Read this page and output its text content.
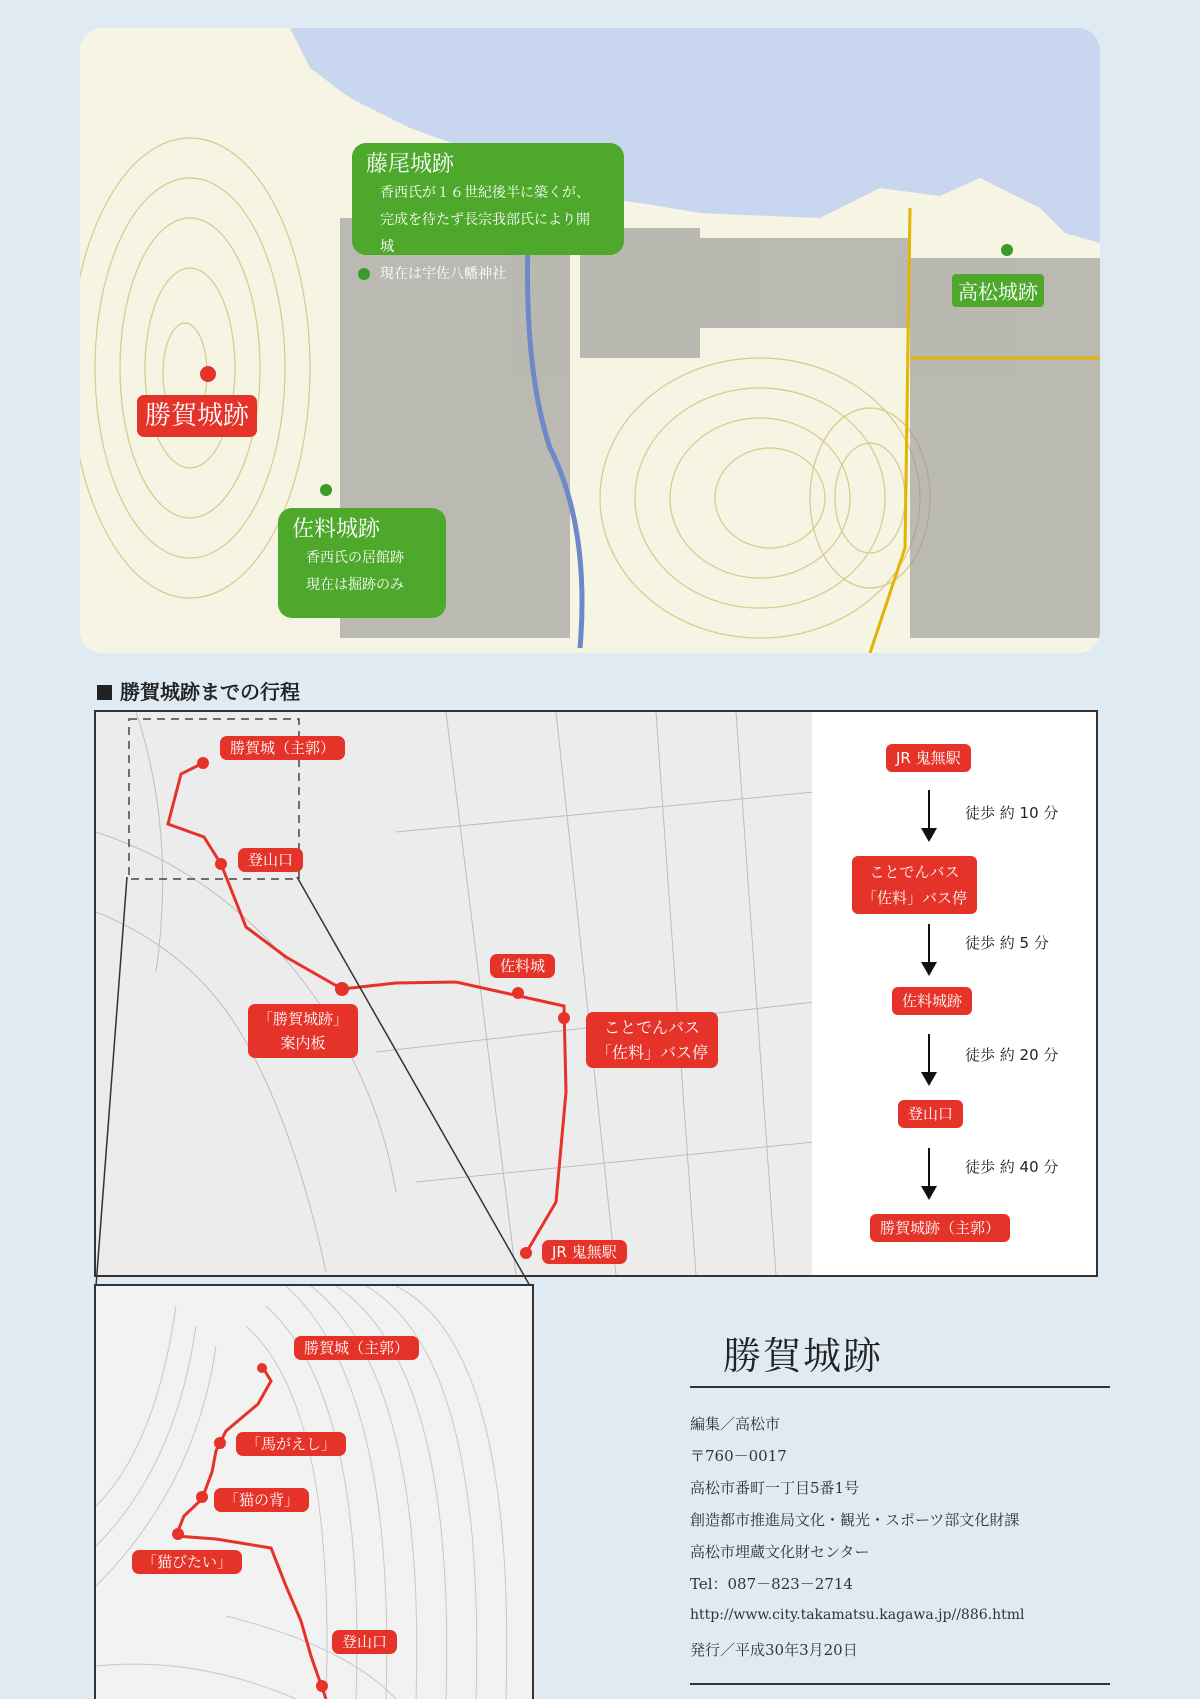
藤尾城跡
香西氏が１６世紀後半に築くが、
完成を待たず長宗我部氏により開城
現在は宇佐八幡神社
佐料城跡
香西氏の居館跡
現在は掘跡のみ
勝賀城跡
高松城跡
勝賀城跡までの行程
勝賀城（主郭）
登山口
「勝賀城跡」
案内板
佐料城
ことでんバス
「佐料」バス停
JR 鬼無駅
JR 鬼無駅
徒歩 約 10 分
ことでんバス
「佐料」バス停
徒歩 約 5 分
佐料城跡
徒歩 約 20 分
登山口
徒歩 約 40 分
勝賀城跡（主郭）
勝賀城（主郭）
「馬がえし」
「猫の背」
「猫びたい」
登山口
勝賀城跡
編集／高松市
〒760－0017
高松市番町一丁目5番1号
創造都市推進局文化・観光・スポーツ部文化財課
高松市埋蔵文化財センター
Tel：087－823－2714
http://www.city.takamatsu.kagawa.jp//886.html
発行／平成30年3月20日
